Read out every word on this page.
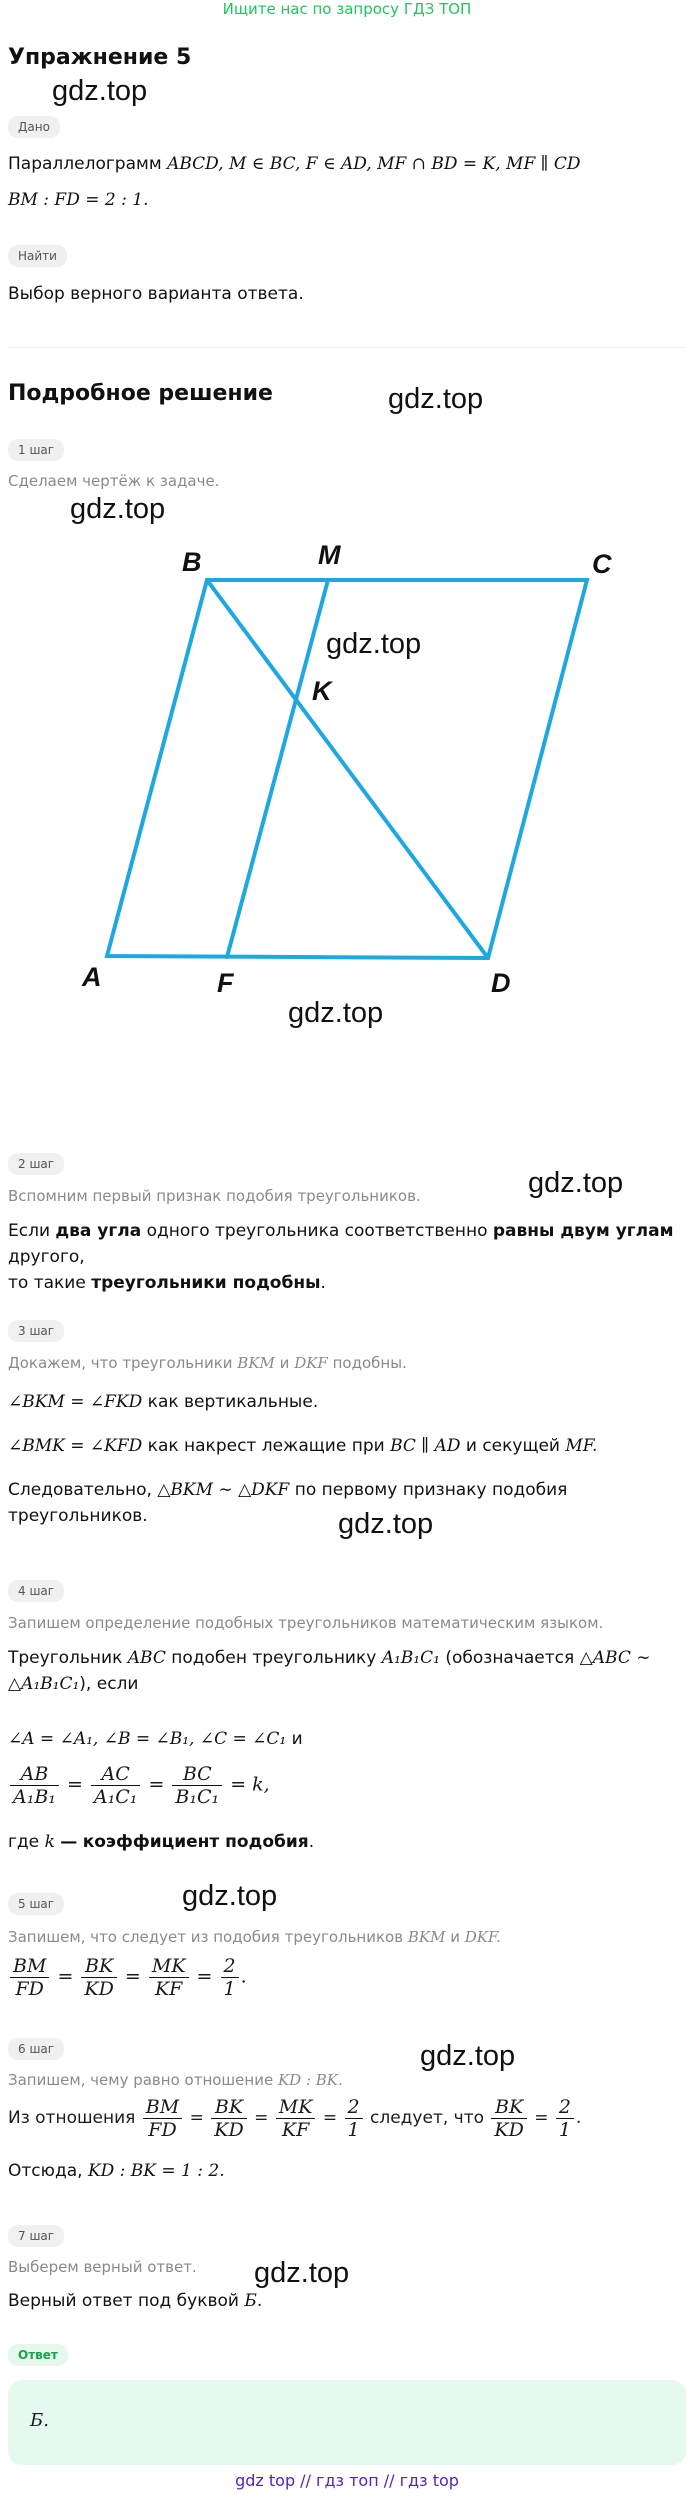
Ищите нас по запросу ГДЗ ТОП
Упражнение 5
gdz.top
Дано
Параллелограмм ABCD, M ∈ BC, F ∈ AD, MF ∩ BD = K, MF ∥ CD
BM : FD = 2 : 1.
Найти
Выбор верного варианта ответа.
Подробное решение	gdz.top
1 шаг
Сделаем чертёж к задаче.
gdz.top
B	M	C
K
A	F	D
gdz.top
gdz.top
2 шаг
Вспомним первый признак подобия треугольников.	gdz.top
Если два угла одного треугольника соответственно равны двум углам другого,
то такие треугольники подобны.
3 шаг
Докажем, что треугольники BKM и DKF подобны.
∠BKM = ∠FKD как вертикальные.
∠BMK = ∠KFD как накрест лежащие при BC ∥ AD и секущей MF.
Следовательно, △BKM ∼ △DKF по первому признаку подобия
треугольников.	gdz.top
4 шаг
Запишем определение подобных треугольников математическим языком.
Треугольник ABC подобен треугольнику A₁B₁C₁ (обозначается △ABC ∼
△A₁B₁C₁), если
∠A = ∠A₁, ∠B = ∠B₁, ∠C = ∠C₁ и
$\frac{AB}{\text{A₁B₁}} = \frac{AC}{\text{A₁C₁}} = \frac{BC}{\text{B₁C₁}} = k$,
где k — коэффициент подобия.
gdz.top
5 шаг
Запишем, что следует из подобия треугольников BKM и DKF.
$\frac{BM}{FD} = \frac{BK}{KD} = \frac{MK}{KF} = \frac{2}{1}$ .
gdz.top
6 шаг
Запишем, чему равно отношение KD : BK.
Из отношения $\frac{BM}{FD} = \frac{BK}{KD} = \frac{MK}{KF} = \frac{2}{1}$ следует, что $\frac{BK}{KD} = \frac{2}{1}$ .
Отсюда, KD : BK = 1 : 2.
7 шаг
Выберем верный ответ.	gdz.top
Верный ответ под буквой Б.
Ответ
Б.
gdz top // гдз топ // гдз top
